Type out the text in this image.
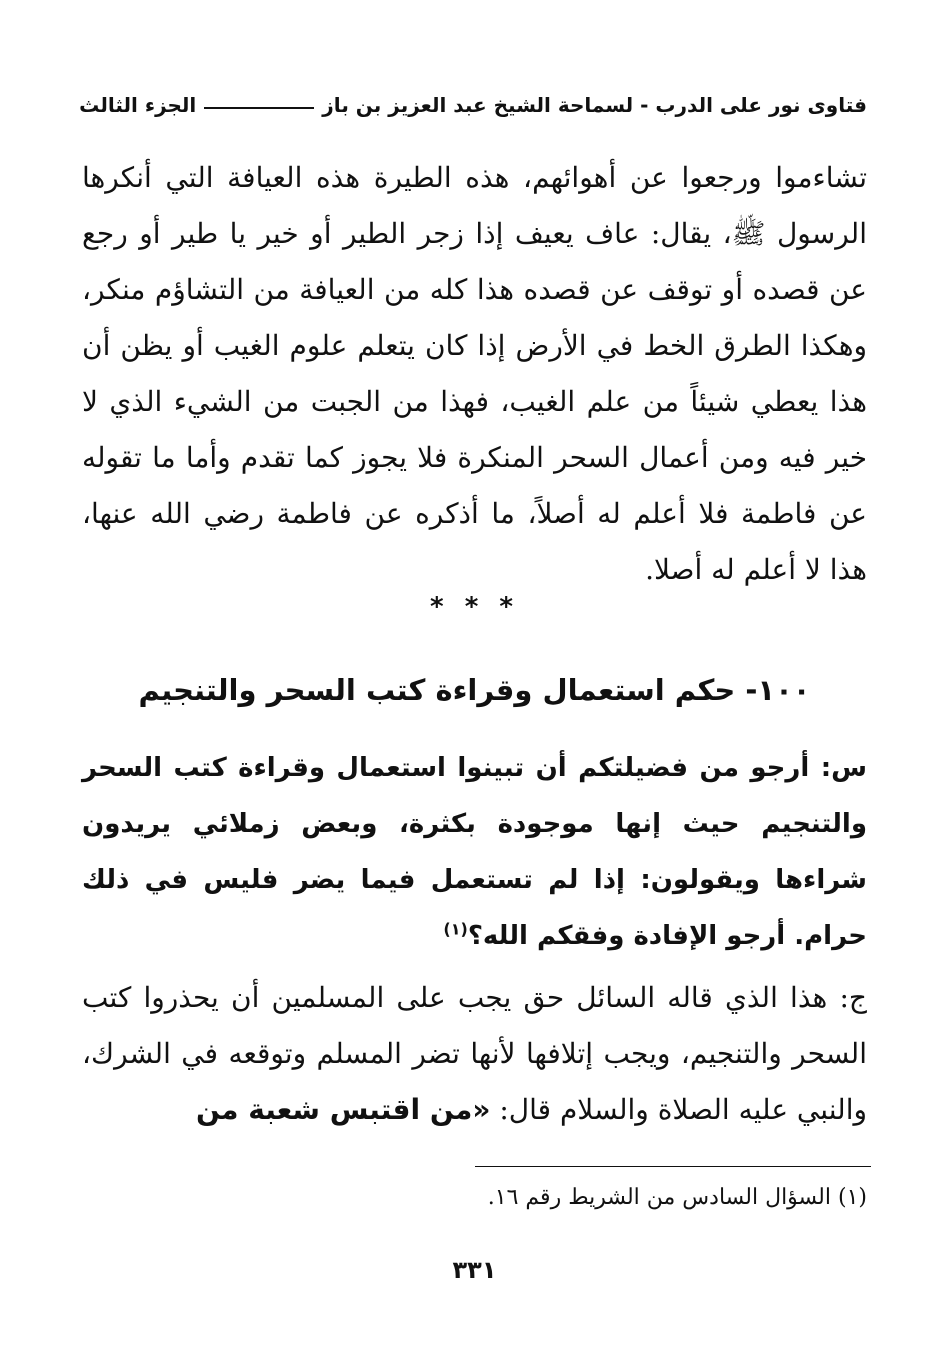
فتاوى نور على الدرب - لسماحة الشيخ عبد العزيز بن باز
الجزء الثالث

تشاءموا ورجعوا عن أهوائهم، هذه الطيرة هذه العيافة التي أنكرها الرسول ﷺ، يقال: عاف يعيف إذا زجر الطير أو خير يا طير أو رجع عن قصده أو توقف عن قصده هذا كله من العيافة من التشاؤم منكر، وهكذا الطرق الخط في الأرض إذا كان يتعلم علوم الغيب أو يظن أن هذا يعطي شيئاً من علم الغيب، فهذا من الجبت من الشيء الذي لا خير فيه ومن أعمال السحر المنكرة فلا يجوز كما تقدم وأما ما تقوله عن فاطمة فلا أعلم له أصلاً، ما أذكره عن فاطمة رضي الله عنها، هذا لا أعلم له أصلا.

* * *
١٠٠- حكم استعمال وقراءة كتب السحر والتنجيم
س: أرجو من فضيلتكم أن تبينوا استعمال وقراءة كتب السحر والتنجيم حيث إنها موجودة بكثرة، وبعض زملائي يريدون شراءها ويقولون: إذا لم تستعمل فيما يضر فليس في ذلك حرام. أرجو الإفادة وفقكم الله؟$^{(١)}$
ج: هذا الذي قاله السائل حق يجب على المسلمين أن يحذروا كتب السحر والتنجيم، ويجب إتلافها لأنها تضر المسلم وتوقعه في الشرك، والنبي عليه الصلاة والسلام قال: «من اقتبس شعبة من
(١) السؤال السادس من الشريط رقم ١٦.
٣٣١
